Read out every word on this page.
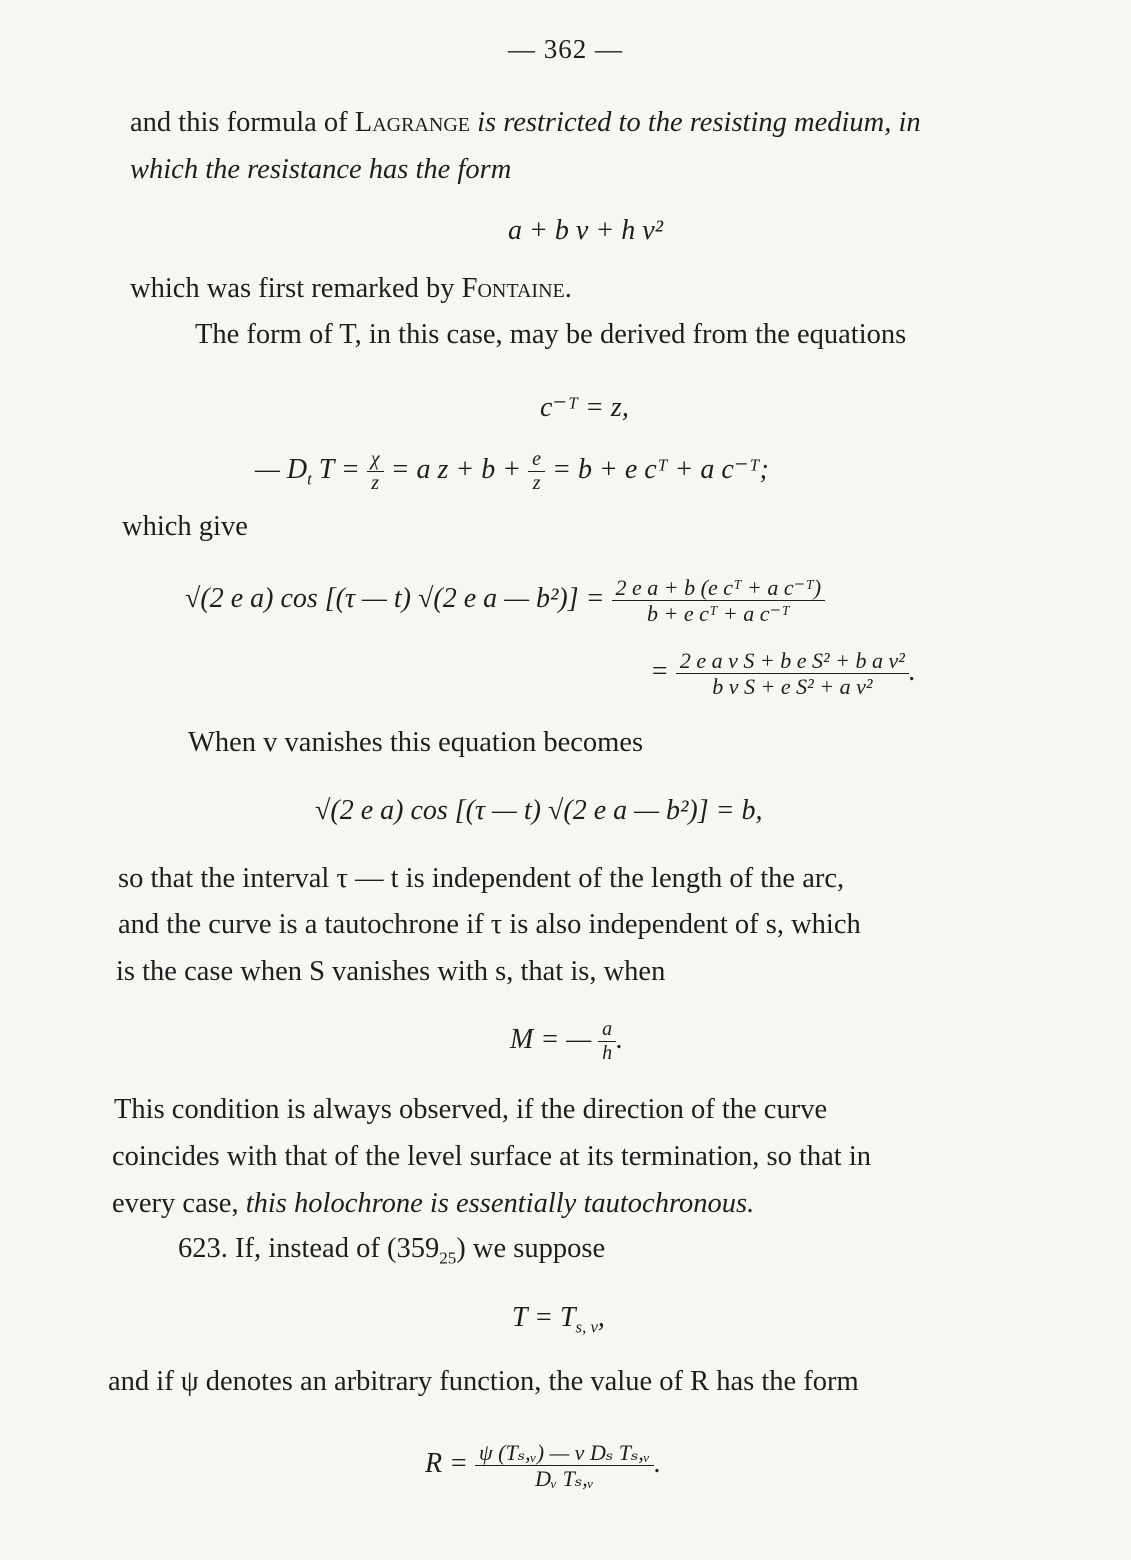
— 362 —
and this formula of Lagrange is restricted to the resisting medium, in
which the resistance has the form
a + b v + h v²
which was first remarked by Fontaine.
The form of T, in this case, may be derived from the equations
c⁻ᵀ = z,
— $D_t$ $T = \frac{\chi}{z} = a$ $z + b + \frac{e}{z} = b + e$ cᵀ + a c⁻ᵀ;
which give
√(2 e a) cos [(τ — t) √(2 e a — $b^2)] = \frac{\text{2 e a + b (e cᵀ + a c⁻ᵀ)}}{\text{b + e cᵀ + a c⁻ᵀ}}$
= $\frac{\text{2 e a v S + b e S² + b a v²}}{\text{b v S + e S² + a v²}}$ .
When v vanishes this equation becomes
√(2 e a) cos [(τ — t) √(2 e a — b²)] = b,
so that the interval τ — t is independent of the length of the arc,
and the curve is a tautochrone if τ is also independent of s, which
is the case when S vanishes with s, that is, when
M = — $\frac{a}{h}$ .
This condition is always observed, if the direction of the curve
coincides with that of the level surface at its termination, so that in
every case, this holochrone is essentially tautochronous.
623. If, instead of $(359_{25})$ we suppose
$T = T_{s, v}$,
and if ψ denotes an arbitrary function, the value of R has the form
$R = \frac{\text{ψ (Tₛ,ᵥ) — v Dₛ Tₛ,ᵥ}}{\text{Dᵥ Tₛ,ᵥ}}$ .
